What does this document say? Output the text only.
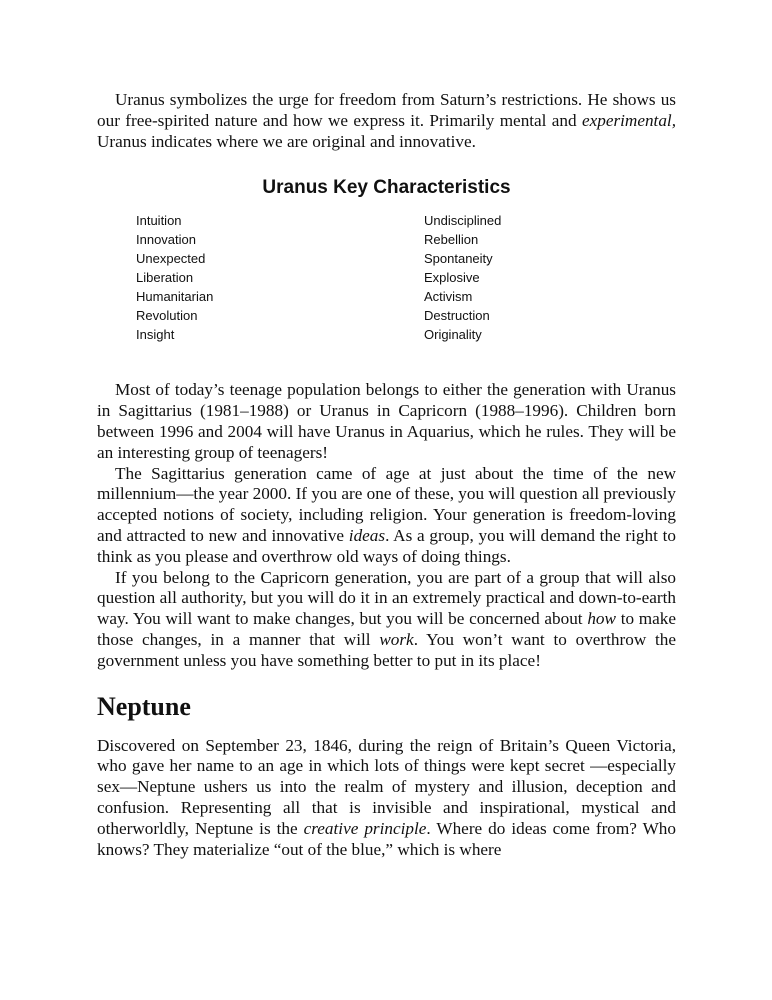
Uranus symbolizes the urge for freedom from Saturn’s restrictions. He shows us our free-spirited nature and how we express it. Primarily mental and experimental, Uranus indicates where we are original and innovative.

Uranus Key Characteristics
Intuition
Innovation
Unexpected
Liberation
Humanitarian
Revolution
Insight
Undisciplined
Rebellion
Spontaneity
Explosive
Activism
Destruction
Originality

Most of today’s teenage population belongs to either the generation with Uranus in Sagittarius (1981–1988) or Uranus in Capricorn (1988–1996). Children born between 1996 and 2004 will have Uranus in Aquarius, which he rules. They will be an interesting group of teenagers!

The Sagittarius generation came of age at just about the time of the new millennium—the year 2000. If you are one of these, you will question all previously accepted notions of society, including religion. Your generation is freedom-loving and attracted to new and innovative ideas. As a group, you will demand the right to think as you please and overthrow old ways of doing things.

If you belong to the Capricorn generation, you are part of a group that will also question all authority, but you will do it in an extremely practical and down-to-earth way. You will want to make changes, but you will be concerned about how to make those changes, in a manner that will work. You won’t want to overthrow the government unless you have something better to put in its place!

Neptune

Discovered on September 23, 1846, during the reign of Britain’s Queen Victoria, who gave her name to an age in which lots of things were kept secret —especially sex—Neptune ushers us into the realm of mystery and illusion, deception and confusion. Representing all that is invisible and inspirational, mystical and otherworldly, Neptune is the creative principle. Where do ideas come from? Who knows? They materialize “out of the blue,” which is where
